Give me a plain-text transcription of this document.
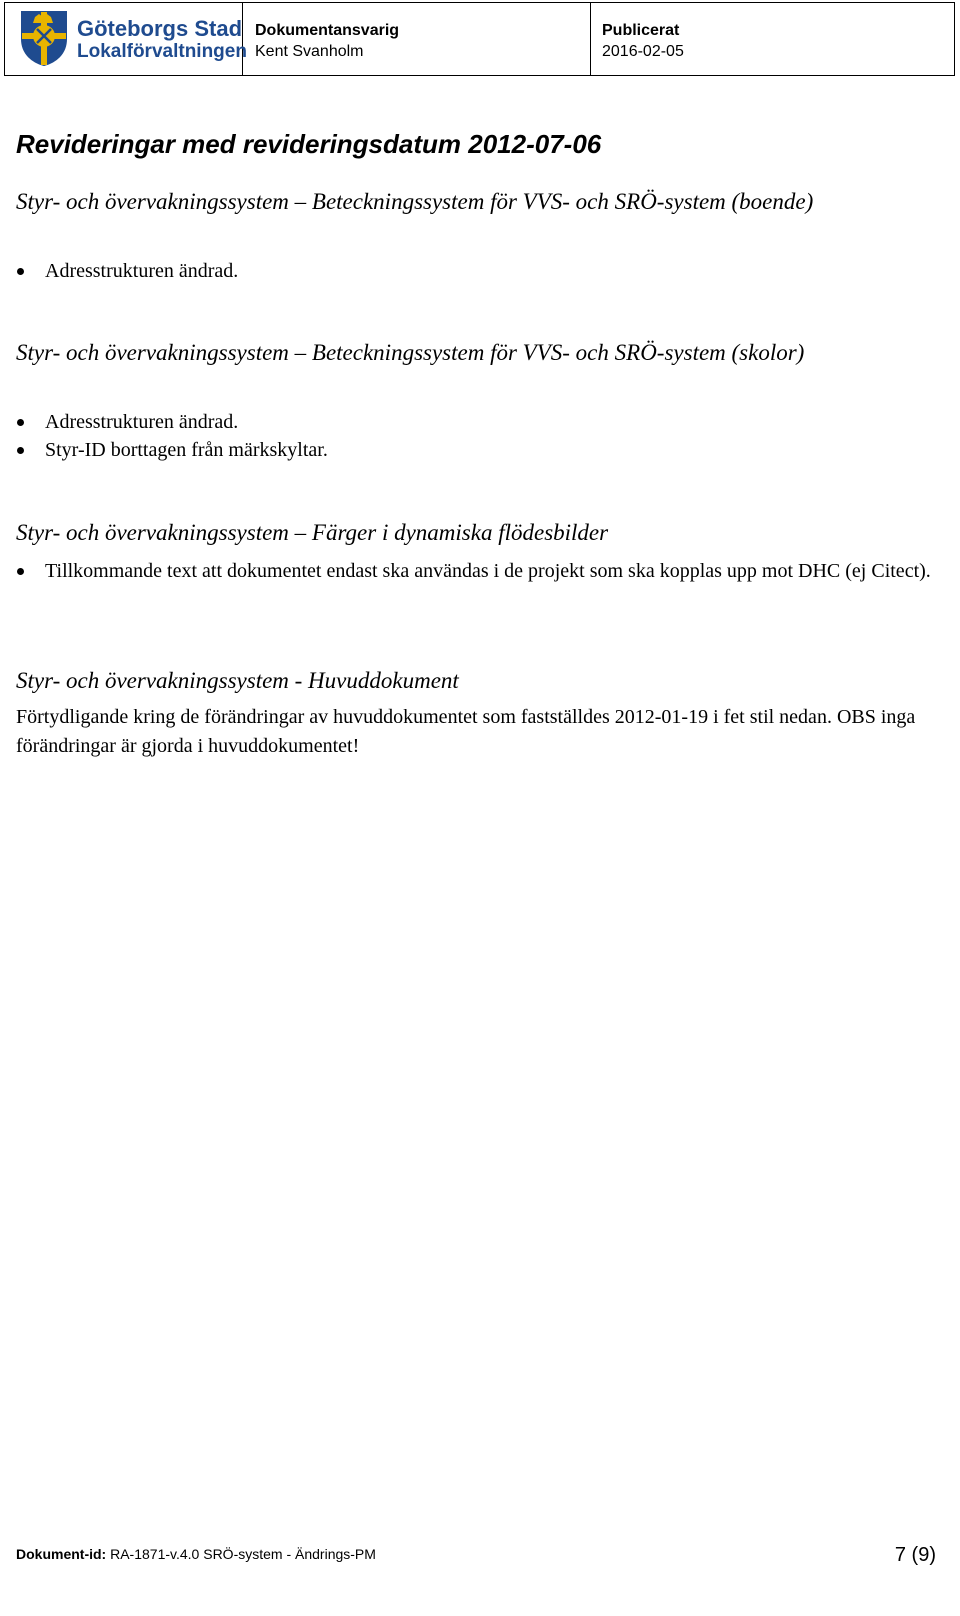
Göteborgs Stad
Lokalförvaltningen
Dokumentansvarig
Kent Svanholm
Publicerat
2016-02-05
Revideringar med revideringsdatum 2012-07-06
Styr- och övervakningssystem – Beteckningssystem för VVS- och SRÖ-system (boende)
Adresstrukturen ändrad.
Styr- och övervakningssystem – Beteckningssystem för VVS- och SRÖ-system (skolor)
Adresstrukturen ändrad.
Styr-ID borttagen från märkskyltar.
Styr- och övervakningssystem – Färger i dynamiska flödesbilder
Tillkommande text att dokumentet endast ska användas i de projekt som ska kopplas upp mot DHC (ej Citect).
Styr- och övervakningssystem - Huvuddokument

Förtydligande kring de förändringar av huvuddokumentet som fastställdes 2012-01-19 i fet stil nedan. OBS inga förändringar är gjorda i huvuddokumentet!

Dokument-id: RA-1871-v.4.0 SRÖ-system - Ändrings-PM	7 (9)
